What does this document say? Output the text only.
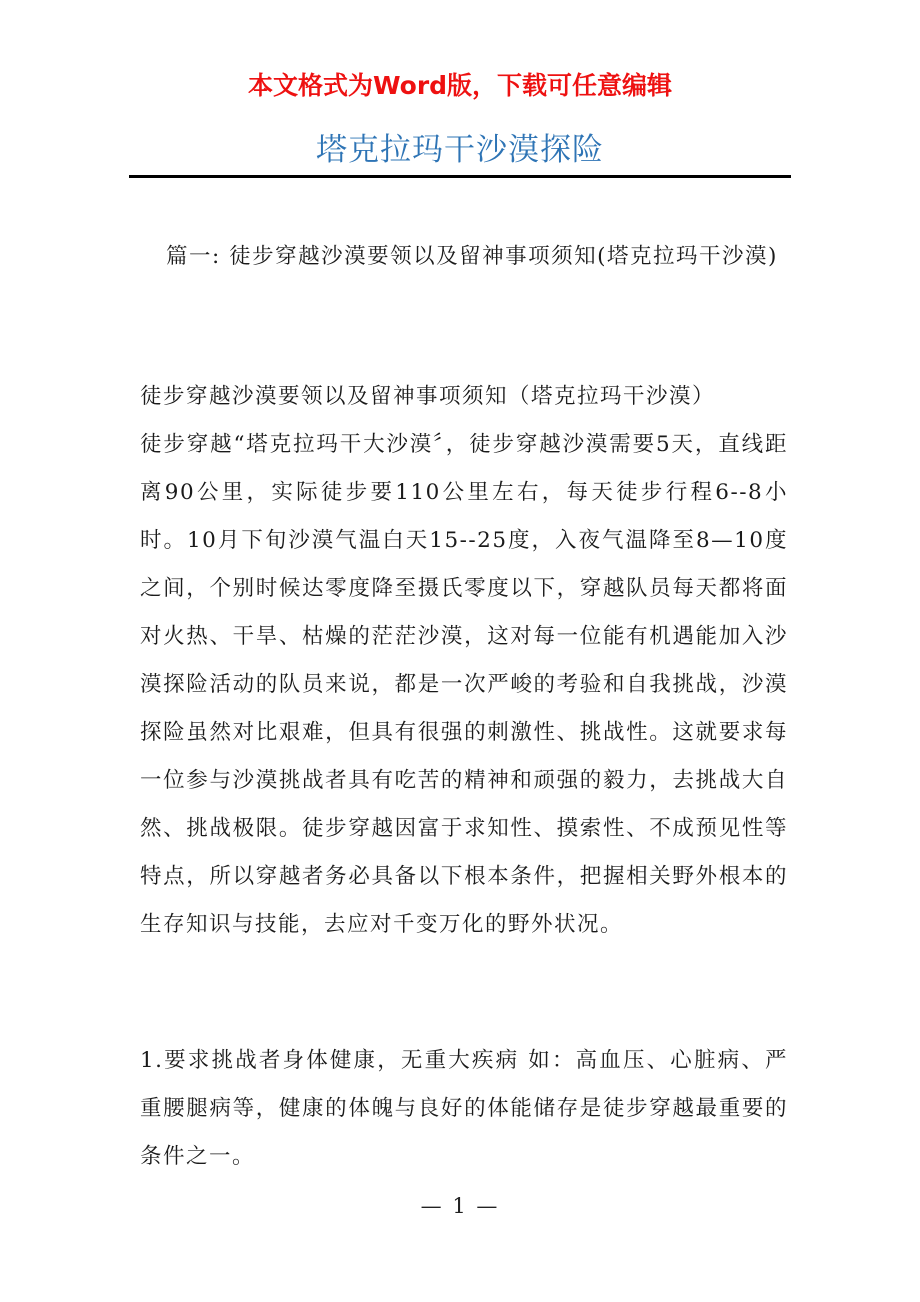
本文格式为Word版，下载可任意编辑
塔克拉玛干沙漠探险

篇一: 徒步穿越沙漠要领以及留神事项须知(塔克拉玛干沙漠)

徒步穿越沙漠要领以及留神事项须知（塔克拉玛干沙漠）

徒步穿越“塔克拉玛干大沙漠〞，徒步穿越沙漠需要5天，直线距离90公里，实际徒步要110公里左右，每天徒步行程6--8小时。10月下旬沙漠气温白天15--25度，入夜气温降至8—10度之间，个别时候达零度降至摄氏零度以下，穿越队员每天都将面对火热、干旱、枯燥的茫茫沙漠，这对每一位能有机遇能加入沙漠探险活动的队员来说，都是一次严峻的考验和自我挑战，沙漠探险虽然对比艰难，但具有很强的刺激性、挑战性。这就要求每一位参与沙漠挑战者具有吃苦的精神和顽强的毅力，去挑战大自然、挑战极限。徒步穿越因富于求知性、摸索性、不成预见性等特点，所以穿越者务必具备以下根本条件，把握相关野外根本的生存知识与技能，去应对千变万化的野外状况。

1.要求挑战者身体健康，无重大疾病 如：高血压、心脏病、严重腰腿病等，健康的体魄与良好的体能储存是徒步穿越最重要的条件之一。

— 1 —
